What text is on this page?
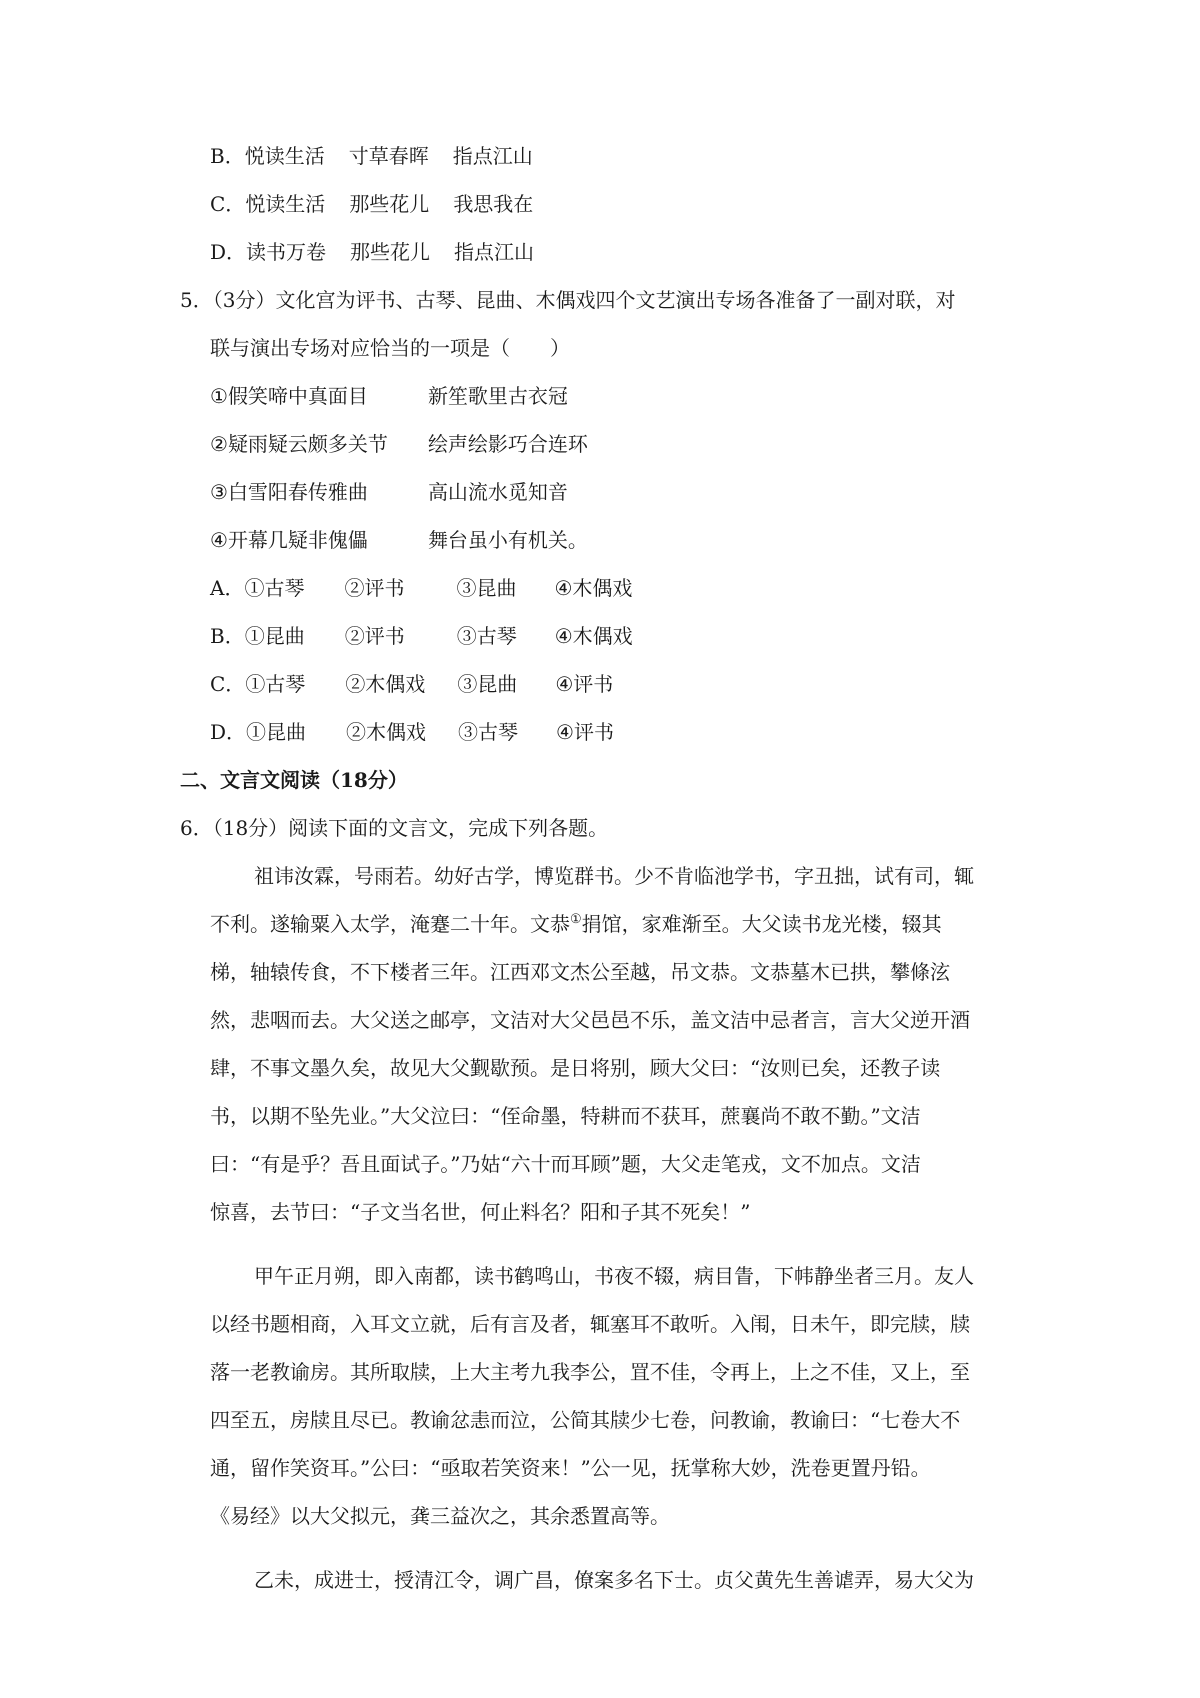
B．悦读生活 寸草春晖 指点江山
C．悦读生活 那些花儿 我思我在
D．读书万卷 那些花儿 指点江山
5．（3分）文化宫为评书、古琴、昆曲、木偶戏四个文艺演出专场各准备了一副对联，对
联与演出专场对应恰当的一项是（　　）
①假笑啼中真面目	新笙歌里古衣冠
②疑雨疑云颇多关节 绘声绘影巧合连环
③白雪阳春传雅曲	高山流水觅知音
④开幕几疑非傀儡	舞台虽小有机关。
A．①古琴 ②评书	③昆曲 ④木偶戏
B．①昆曲 ②评书	③古琴 ④木偶戏
C．①古琴 ②木偶戏 ③昆曲 ④评书
D．①昆曲 ②木偶戏 ③古琴 ④评书
二、文言文阅读（18分）
6．（18分）阅读下面的文言文，完成下列各题。
祖讳汝霖，号雨若。幼好古学，博览群书。少不肯临池学书，字丑拙，试有司，辄
不利。遂输粟入太学，淹蹇二十年。文恭①捐馆，家难渐至。大父读书龙光楼，辍其
梯，轴辕传食，不下楼者三年。江西邓文杰公至越，吊文恭。文恭墓木已拱，攀條泫
然，悲咽而去。大父送之邮亭，文洁对大父邑邑不乐，盖文洁中忌者言，言大父逆开酒
肆，不事文墨久矣，故见大父觐歇预。是日将别，顾大父曰：“汝则已矣，还教子读
书，以期不坠先业。”大父泣曰：“侄命墨，特耕而不获耳，蔗襄尚不敢不勤。”文洁
曰：“有是乎？吾且面试子。”乃姑“六十而耳顾”题，大父走笔戎，文不加点。文洁
惊喜，去节曰：“子文当名世，何止料名？阳和子其不死矣！”
甲午正月朔，即入南都，读书鹤鸣山，书夜不辍，病目眚，下帏静坐者三月。友人
以经书题相商，入耳文立就，后有言及者，辄塞耳不敢听。入闱，日未午，即完牍，牍
落一老教谕房。其所取牍，上大主考九我李公，罝不佳，令再上，上之不佳，又上，至
四至五，房牍且尽已。教谕忿恚而泣，公简其牍少七卷，问教谕，教谕曰：“七卷大不
通，留作笑资耳。”公曰：“亟取若笑资来！”公一见，抚掌称大妙，洗卷更置丹铅。
《易经》以大父拟元，龚三益次之，其余悉置高等。
乙未，成进士，授清江令，调广昌，僚案多名下士。贞父黄先生善谑弄，易大父为
